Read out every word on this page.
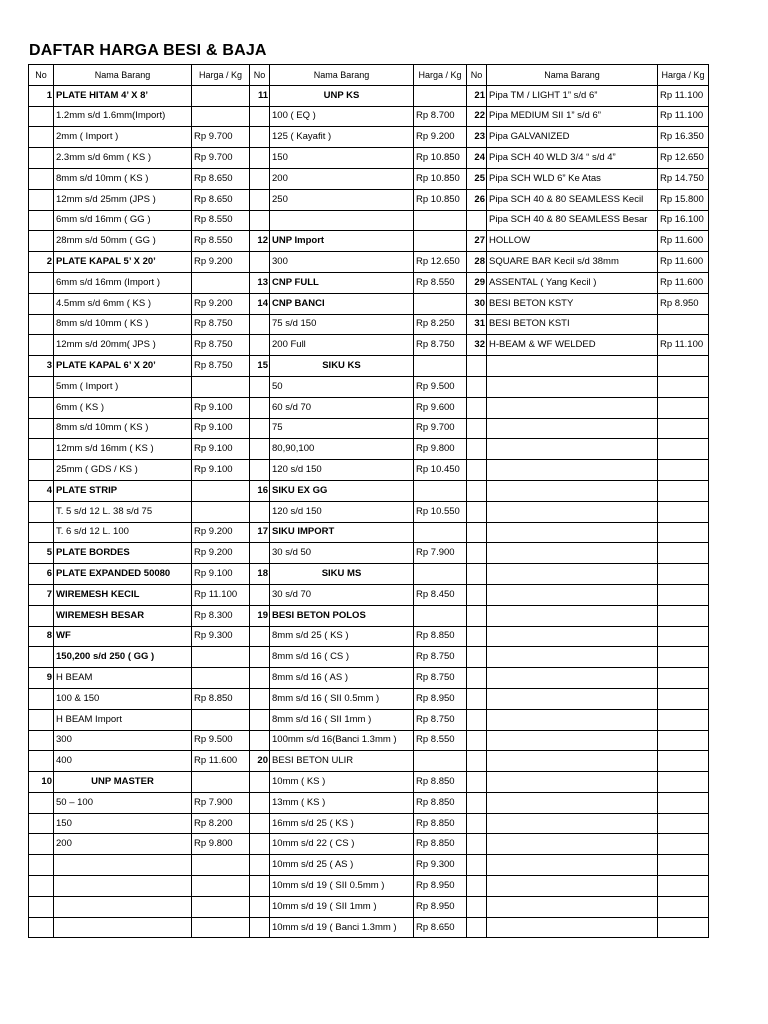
DAFTAR HARGA BESI & BAJA
No	Nama Barang	Harga / Kg	No	Nama Barang	Harga / Kg	No	Nama Barang	Harga / Kg
1	PLATE HITAM 4’ X 8’		11	UNP KS		21	Pipa TM / LIGHT 1” s/d 6”	Rp 11.100
	1.2mm s/d 1.6mm(Import)			100 ( EQ )	Rp 8.700	22	Pipa MEDIUM SII 1” s/d 6”	Rp 11.100
	2mm ( Import )	Rp 9.700		125 ( Kayafit )	Rp 9.200	23	Pipa GALVANIZED	Rp 16.350
	2.3mm s/d 6mm ( KS )	Rp 9.700		150	Rp 10.850	24	Pipa SCH 40 WLD 3/4 “ s/d 4”	Rp 12.650
	8mm s/d 10mm ( KS )	Rp 8.650		200	Rp 10.850	25	Pipa SCH WLD 6” Ke Atas	Rp 14.750
	12mm s/d 25mm (JPS )	Rp 8.650		250	Rp 10.850	26	Pipa SCH 40 & 80 SEAMLESS Kecil	Rp 15.800
	6mm s/d 16mm ( GG )	Rp 8.550					Pipa SCH 40 & 80 SEAMLESS Besar	Rp 16.100
	28mm s/d 50mm ( GG )	Rp 8.550	12	UNP Import		27	HOLLOW	Rp 11.600
2	PLATE KAPAL 5’ X 20’	Rp 9.200		300	Rp 12.650	28	SQUARE BAR Kecil s/d 38mm	Rp 11.600
	6mm s/d 16mm (Import )		13	CNP FULL	Rp 8.550	29	ASSENTAL ( Yang Kecil )	Rp 11.600
	4.5mm s/d 6mm ( KS )	Rp 9.200	14	CNP BANCI		30	BESI BETON KSTY	Rp 8.950
	8mm s/d 10mm ( KS )	Rp 8.750		75 s/d 150	Rp 8.250	31	BESI BETON KSTI	
	12mm s/d 20mm( JPS )	Rp 8.750		200 Full	Rp 8.750	32	H-BEAM & WF WELDED	Rp 11.100
3	PLATE KAPAL 6’ X 20’	Rp 8.750	15	SIKU KS				
	5mm ( Import )			50	Rp 9.500			
	6mm ( KS )	Rp 9.100		60 s/d 70	Rp 9.600			
	8mm s/d 10mm ( KS )	Rp 9.100		75	Rp 9.700			
	12mm s/d 16mm ( KS )	Rp 9.100		80,90,100	Rp 9.800			
	25mm ( GDS / KS )	Rp 9.100		120 s/d 150	Rp 10.450			
4	PLATE STRIP		16	SIKU EX GG				
	T. 5 s/d 12 L. 38 s/d 75			120 s/d 150	Rp 10.550			
	T. 6 s/d 12 L. 100	Rp 9.200	17	SIKU IMPORT				
5	PLATE BORDES	Rp 9.200		30 s/d 50	Rp 7.900			
6	PLATE EXPANDED 50080	Rp 9.100	18	SIKU MS				
7	WIREMESH KECIL	Rp 11.100		30 s/d 70	Rp 8.450			
	WIREMESH BESAR	Rp 8.300	19	BESI BETON POLOS				
8	WF	Rp 9.300		8mm s/d 25 ( KS )	Rp 8.850			
	150,200 s/d 250 ( GG )			8mm s/d 16 ( CS )	Rp 8.750			
9	H BEAM			8mm s/d 16 ( AS )	Rp 8.750			
	100 & 150	Rp 8.850		8mm s/d 16 ( SII 0.5mm )	Rp 8.950			
	H BEAM Import			8mm s/d 16 ( SII 1mm )	Rp 8.750			
	300	Rp 9.500		100mm s/d 16(Banci 1.3mm )	Rp 8.550			
	400	Rp 11.600	20	BESI BETON ULIR				
10	UNP MASTER			10mm ( KS )	Rp 8.850			
	50 – 100	Rp 7.900		13mm ( KS )	Rp 8.850			
	150	Rp 8.200		16mm s/d 25 ( KS )	Rp 8.850			
	200	Rp 9.800		10mm s/d 22 ( CS )	Rp 8.850			
				10mm s/d 25 ( AS )	Rp 9.300			
				10mm s/d 19 ( SII 0.5mm )	Rp 8.950			
				10mm s/d 19 ( SII 1mm )	Rp 8.950			
				10mm s/d 19 ( Banci 1.3mm )	Rp 8.650			
